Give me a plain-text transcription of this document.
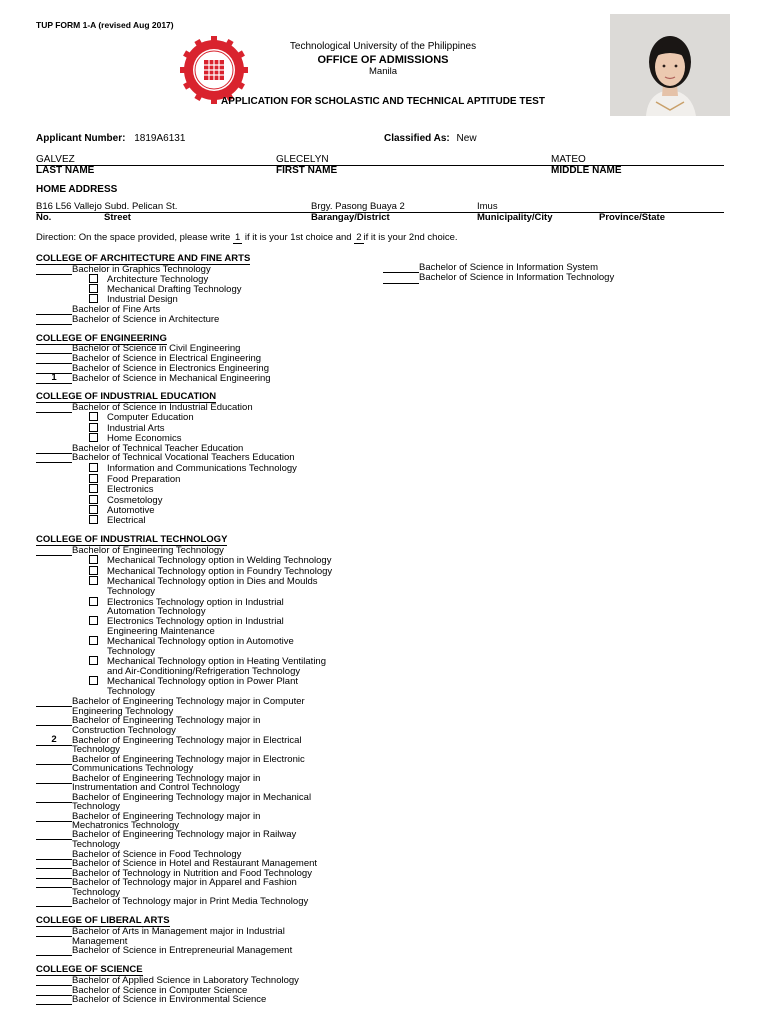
TUP FORM 1-A (revised Aug 2017)
Technological University of the Philippines
OFFICE OF ADMISSIONS
Manila
APPLICATION FOR SCHOLASTIC AND TECHNICAL APTITUDE TEST
Applicant Number: 1819A6131	Classified As: New
GALVEZ	GLECELYN	MATEO
LAST NAME	FIRST NAME	MIDDLE NAME
HOME ADDRESS
B16 L56 Vallejo Subd. Pelican St.	Brgy. Pasong Buaya 2	Imus
No.	Street	Barangay/District	Municipality/City	Province/State
Direction: On the space provided, please write 1 if it is your 1st choice and 2 if it is your 2nd choice.
Bachelor of Science in Information System
Bachelor of Science in Information Technology
COLLEGE OF ARCHITECTURE AND FINE ARTS
Bachelor in Graphics Technology
Architecture Technology
Mechanical Drafting Technology
Industrial Design
Bachelor of Fine Arts
Bachelor of Science in Architecture
COLLEGE OF ENGINEERING
Bachelor of Science in Civil Engineering
Bachelor of Science in Electrical Engineering
Bachelor of Science in Electronics Engineering
1	Bachelor of Science in Mechanical Engineering
COLLEGE OF INDUSTRIAL EDUCATION
Bachelor of Science in Industrial Education
Computer Education
Industrial Arts
Home Economics
Bachelor of Technical Teacher Education
Bachelor of Technical Vocational Teachers Education
Information and Communications Technology
Food Preparation
Electronics
Cosmetology
Automotive
Electrical
COLLEGE OF INDUSTRIAL TECHNOLOGY
Bachelor of Engineering Technology
Mechanical Technology option in Welding Technology
Mechanical Technology option in Foundry Technology
Mechanical Technology option in Dies and Moulds
Technology
Electronics Technology option in Industrial
Automation Technology
Electronics Technology option in Industrial
Engineering Maintenance
Mechanical Technology option in Automotive
Technology
Mechanical Technology option in Heating Ventilating
and Air-Conditioning/Refrigeration Technology
Mechanical Technology option in Power Plant
Technology
Bachelor of Engineering Technology major in Computer
Engineering Technology
Bachelor of Engineering Technology major in
Construction Technology
2	Bachelor of Engineering Technology major in Electrical
Technology
Bachelor of Engineering Technology major in Electronic
Communications Technology
Bachelor of Engineering Technology major in
Instrumentation and Control Technology
Bachelor of Engineering Technology major in Mechanical
Technology
Bachelor of Engineering Technology major in
Mechatronics Technology
Bachelor of Engineering Technology major in Railway
Technology
Bachelor of Science in Food Technology
Bachelor of Science in Hotel and Restaurant Management
Bachelor of Technology in Nutrition and Food Technology
Bachelor of Technology major in Apparel and Fashion
Technology
Bachelor of Technology major in Print Media Technology
COLLEGE OF LIBERAL ARTS
Bachelor of Arts in Management major in Industrial
Management
Bachelor of Science in Entrepreneurial Management
COLLEGE OF SCIENCE
Bachelor of Applied Science in Laboratory Technology
Bachelor of Science in Computer Science
Bachelor of Science in Environmental Science
